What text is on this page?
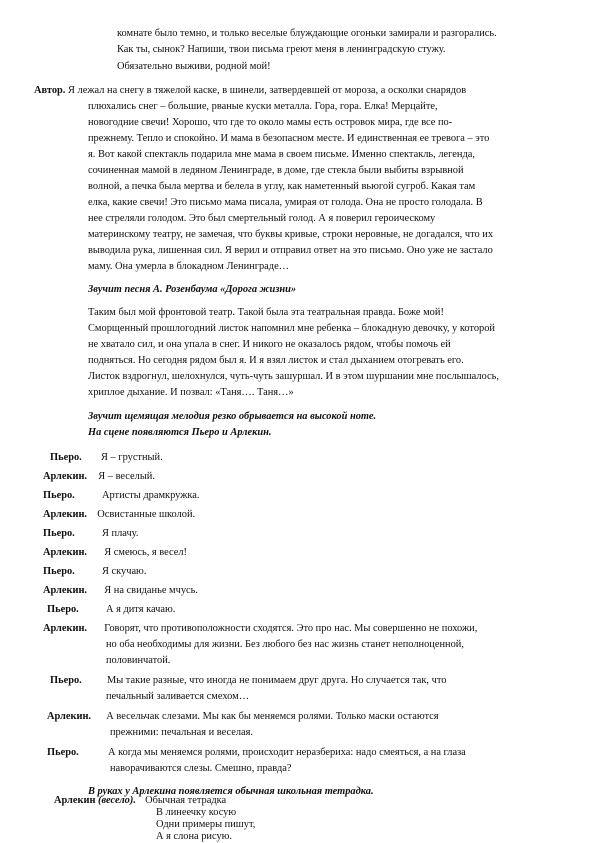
комнате было темно, и только веселые блуждающие огоньки замирали и разгорались.
Как ты, сынок? Напиши, твои письма греют меня в ленинградскую стужу.
Обязательно выживи, родной мой!
Автор. Я лежал на снегу в тяжелой каске, в шинели, затвердевшей от мороза, а осколки снарядов
плюхались снег – большие, рваные куски металла. Гора, гора. Елка! Мерцайте,
новогодние свечи! Хорошо, что где то около мамы есть островок мира, где все по-
прежнему. Тепло и спокойно. И мама в безопасном месте. И единственная ее тревога – это
я. Вот какой спектакль подарила мне мама в своем письме. Именно спектакль, легенда,
сочиненная мамой в ледяном Ленинграде, в доме, где стекла были выбиты взрывной
волной, а печка была мертва и белела в углу, как наметенный вьюгой сугроб. Какая там
елка, какие свечи! Это письмо мама писала, умирая от голода. Она не просто голодала. В
нее стреляли голодом. Это был смертельный голод. А я поверил героическому
материнскому театру, не замечая, что буквы кривые, строки неровные, не догадался, что их
выводила рука, лишенная сил. Я верил и отправил ответ на это письмо. Оно уже не застало
маму. Она умерла в блокадном Ленинграде…
Звучит песня А. Розенбаума «Дорога жизни»
Таким был мой фронтовой театр. Такой была эта театральная правда. Боже мой!
Сморщенный прошлогодний листок напомнил мне ребенка – блокадную девочку, у которой
не хватало сил, и она упала в снег. И никого не оказалось рядом, чтобы помочь ей
подняться. Но сегодня рядом был я. И я взял листок и стал дыханием отогревать его.
Листок вздрогнул, шелохнулся, чуть-чуть зашуршал. И в этом шуршании мне послышалось,
хриплое дыхание. И позвал: «Таня…. Таня…»
Звучит щемящая мелодия резко обрывается на высокой ноте.
На сцене появляются Пьеро и Арлекин.
Пьеро. Я – грустный.
Арлекин. Я – веселый.
Пьеро.	Артисты драмкружка.
Арлекин. Освистанные школой.
Пьеро.	Я плачу.
Арлекин. Я смеюсь, я весел!
Пьеро.	Я скучаю.
Арлекин. Я на свиданье мчусь.
Пьеро.	А я дитя качаю.
Арлекин. Говорят, что противоположности сходятся. Это про нас. Мы совершенно не похожи,
но оба необходимы для жизни. Без любого без нас жизнь станет неполноценной,
половинчатой.
Пьеро. Мы такие разные, что иногда не понимаем друг друга. Но случается так, что
печальный заливается смехом…
Арлекин. А весельчак слезами. Мы как бы меняемся ролями. Только маски остаются
прежними: печальная и веселая.
Пьеро.	А когда мы меняемся ролями, происходит неразбериха: надо смеяться, а на глаза
наворачиваются слезы. Смешно, правда?
В руках у Арлекина появляется обычная школьная тетрадка.
Арлекин (весело). Обычная тетрадка
В линеечку косую
Одни примеры пишут,
А я слона рисую.
